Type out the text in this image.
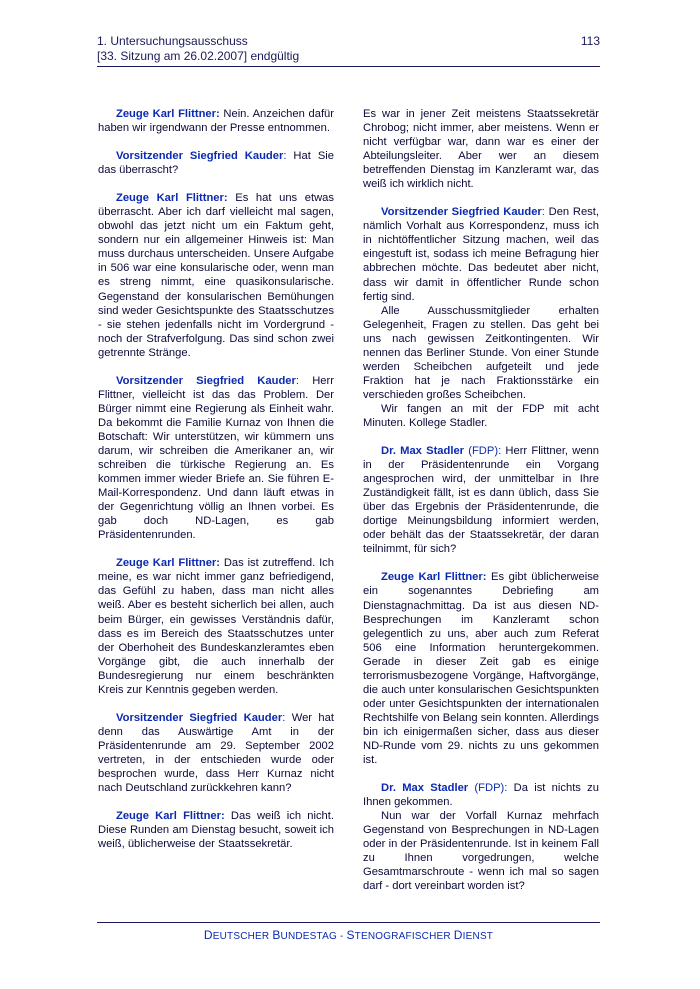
1. Untersuchungsausschuss
[33. Sitzung am 26.02.2007] endgültig
113

Zeuge Karl Flittner: Nein. Anzeichen dafür haben wir irgendwann der Presse entnommen.

Vorsitzender Siegfried Kauder: Hat Sie das überrascht?

Zeuge Karl Flittner: Es hat uns etwas überrascht. Aber ich darf vielleicht mal sagen, obwohl das jetzt nicht um ein Faktum geht, sondern nur ein allgemeiner Hinweis ist: Man muss durchaus unterscheiden. Unsere Aufgabe in 506 war eine konsularische oder, wenn man es streng nimmt, eine quasikonsularische. Gegenstand der konsularischen Bemühungen sind weder Gesichtspunkte des Staatsschutzes - sie stehen jedenfalls nicht im Vordergrund - noch der Strafverfolgung. Das sind schon zwei getrennte Stränge.

Vorsitzender Siegfried Kauder: Herr Flittner, vielleicht ist das das Problem. Der Bürger nimmt eine Regierung als Einheit wahr. Da bekommt die Familie Kurnaz von Ihnen die Botschaft: Wir unterstützen, wir kümmern uns darum, wir schreiben die Amerikaner an, wir schreiben die türkische Regierung an. Es kommen immer wieder Briefe an. Sie führen E-Mail-Korrespondenz. Und dann läuft etwas in der Gegenrichtung völlig an Ihnen vorbei. Es gab doch ND-Lagen, es gab Präsidentenrunden.

Zeuge Karl Flittner: Das ist zutreffend. Ich meine, es war nicht immer ganz befriedigend, das Gefühl zu haben, dass man nicht alles weiß. Aber es besteht sicherlich bei allen, auch beim Bürger, ein gewisses Verständnis dafür, dass es im Bereich des Staatsschutzes unter der Oberhoheit des Bundeskanzleramtes eben Vorgänge gibt, die auch innerhalb der Bundesregierung nur einem beschränkten Kreis zur Kenntnis gegeben werden.

Vorsitzender Siegfried Kauder: Wer hat denn das Auswärtige Amt in der Präsidentenrunde am 29. September 2002 vertreten, in der entschieden wurde oder besprochen wurde, dass Herr Kurnaz nicht nach Deutschland zurückkehren kann?

Zeuge Karl Flittner: Das weiß ich nicht. Diese Runden am Dienstag besucht, soweit ich weiß, üblicherweise der Staatssekretär.

Es war in jener Zeit meistens Staatssekretär Chrobog; nicht immer, aber meistens. Wenn er nicht verfügbar war, dann war es einer der Abteilungsleiter. Aber wer an diesem betreffenden Dienstag im Kanzleramt war, das weiß ich wirklich nicht.

Vorsitzender Siegfried Kauder: Den Rest, nämlich Vorhalt aus Korrespondenz, muss ich in nichtöffentlicher Sitzung machen, weil das eingestuft ist, sodass ich meine Befragung hier abbrechen möchte. Das bedeutet aber nicht, dass wir damit in öffentlicher Runde schon fertig sind.

Alle Ausschussmitglieder erhalten Gelegenheit, Fragen zu stellen. Das geht bei uns nach gewissen Zeitkontingenten. Wir nennen das Berliner Stunde. Von einer Stunde werden Scheibchen aufgeteilt und jede Fraktion hat je nach Fraktionsstärke ein verschieden großes Scheibchen.

Wir fangen an mit der FDP mit acht Minuten. Kollege Stadler.

Dr. Max Stadler (FDP): Herr Flittner, wenn in der Präsidentenrunde ein Vorgang angesprochen wird, der unmittelbar in Ihre Zuständigkeit fällt, ist es dann üblich, dass Sie über das Ergebnis der Präsidentenrunde, die dortige Meinungsbildung informiert werden, oder behält das der Staatssekretär, der daran teilnimmt, für sich?

Zeuge Karl Flittner: Es gibt üblicherweise ein sogenanntes Debriefing am Dienstagnachmittag. Da ist aus diesen ND-Besprechungen im Kanzleramt schon gelegentlich zu uns, aber auch zum Referat 506 eine Information heruntergekommen. Gerade in dieser Zeit gab es einige terrorismusbezogene Vorgänge, Haftvorgänge, die auch unter konsularischen Gesichtspunkten oder unter Gesichtspunkten der internationalen Rechtshilfe von Belang sein konnten. Allerdings bin ich einigermaßen sicher, dass aus dieser ND-Runde vom 29. nichts zu uns gekommen ist.

Dr. Max Stadler (FDP): Da ist nichts zu Ihnen gekommen.

Nun war der Vorfall Kurnaz mehrfach Gegenstand von Besprechungen in ND-Lagen oder in der Präsidentenrunde. Ist in keinem Fall zu Ihnen vorgedrungen, welche Gesamtmarschroute - wenn ich mal so sagen darf - dort vereinbart worden ist?

DEUTSCHER BUNDESTAG - STENOGRAFISCHER DIENST
